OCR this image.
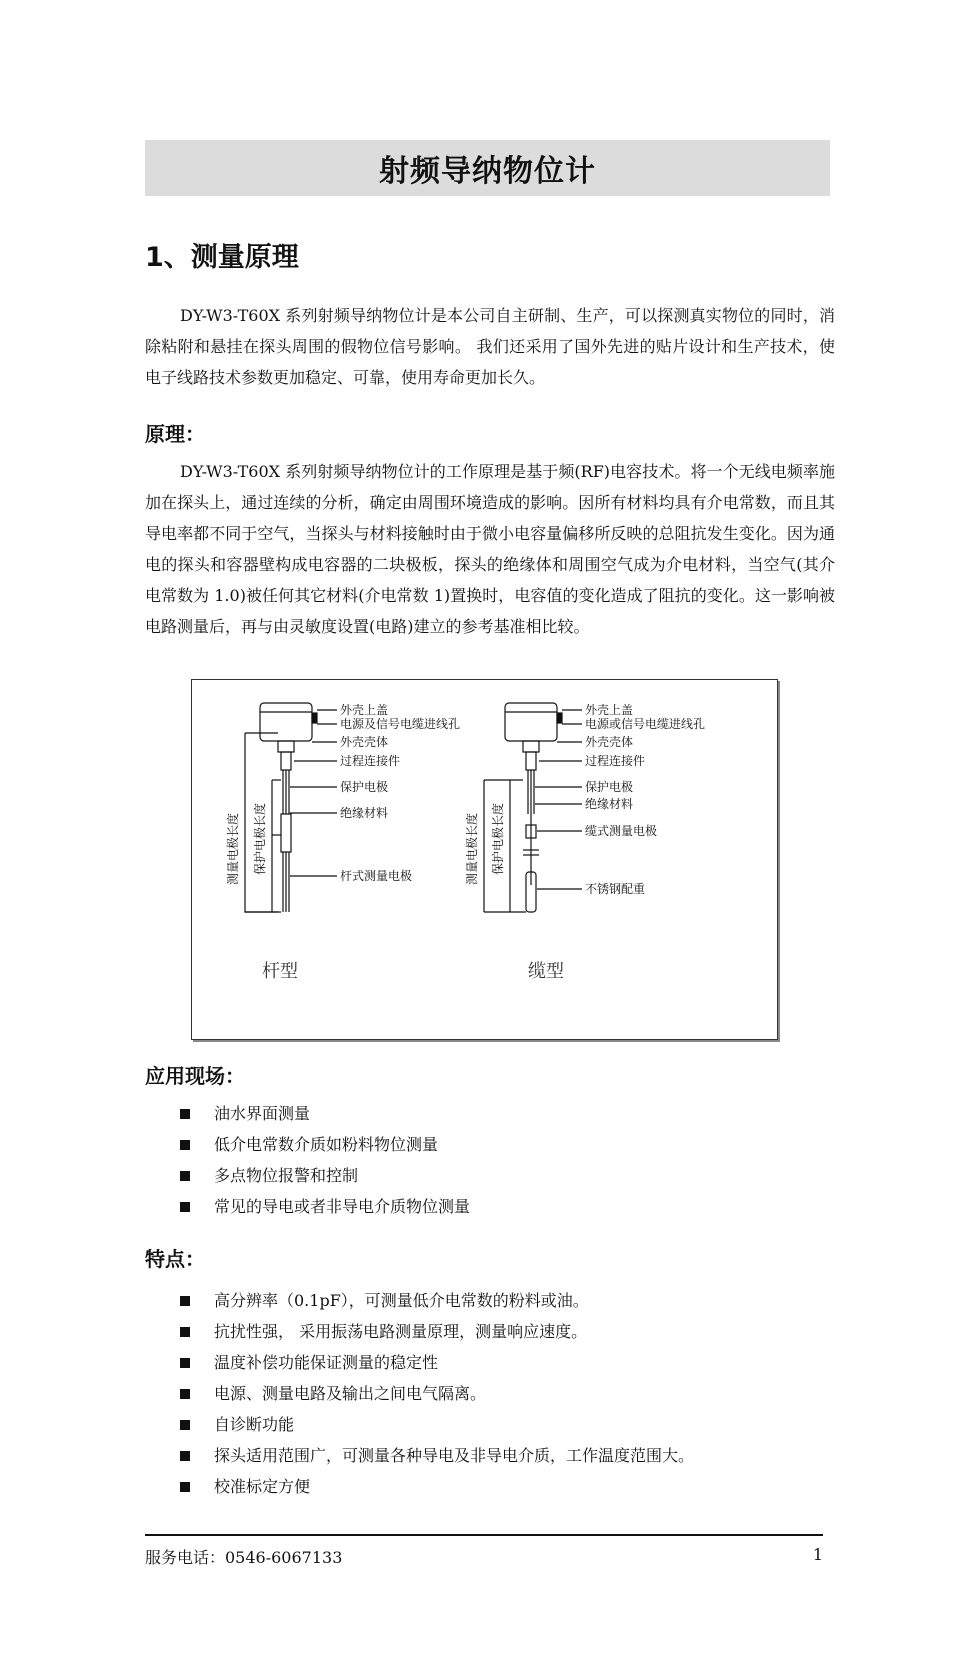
射频导纳物位计
1、测量原理

DY-W3-T60X 系列射频导纳物位计是本公司自主研制、生产，可以探测真实物位的同时，消除粘附和悬挂在探头周围的假物位信号影响。 我们还采用了国外先进的贴片设计和生产技术，使电子线路技术参数更加稳定、可靠，使用寿命更加长久。

原理：

DY-W3-T60X 系列射频导纳物位计的工作原理是基于频(RF)电容技术。将一个无线电频率施加在探头上，通过连续的分析，确定由周围环境造成的影响。因所有材料均具有介电常数，而且其导电率都不同于空气，当探头与材料接触时由于微小电容量偏移所反映的总阻抗发生变化。因为通电的探头和容器壁构成电容器的二块极板，探头的绝缘体和周围空气成为介电材料，当空气(其介电常数为 1.0)被任何其它材料(介电常数 1)置换时，电容值的变化造成了阻抗的变化。这一影响被电路测量后，再与由灵敏度设置(电路)建立的参考基准相比较。

外壳上盖
电源及信号电缆进线孔
外壳壳体
过程连接件
保护电极
绝缘材料
杆式测量电极
测量电极长度 保护电极长度
外壳上盖
电源或信号电缆进线孔
外壳壳体
过程连接件
保护电极
绝缘材料
缆式测量电极
不锈钢配重
测量电极长度 保护电极长度
杆型	缆型
应用现场：
油水界面测量
低介电常数介质如粉料物位测量
多点物位报警和控制
常见的导电或者非导电介质物位测量
特点：
高分辨率（0.1pF），可测量低介电常数的粉料或油。
抗扰性强， 采用振荡电路测量原理，测量响应速度。
温度补偿功能保证测量的稳定性
电源、测量电路及输出之间电气隔离。
自诊断功能
探头适用范围广，可测量各种导电及非导电介质，工作温度范围大。
校准标定方便
服务电话：0546-6067133	1
